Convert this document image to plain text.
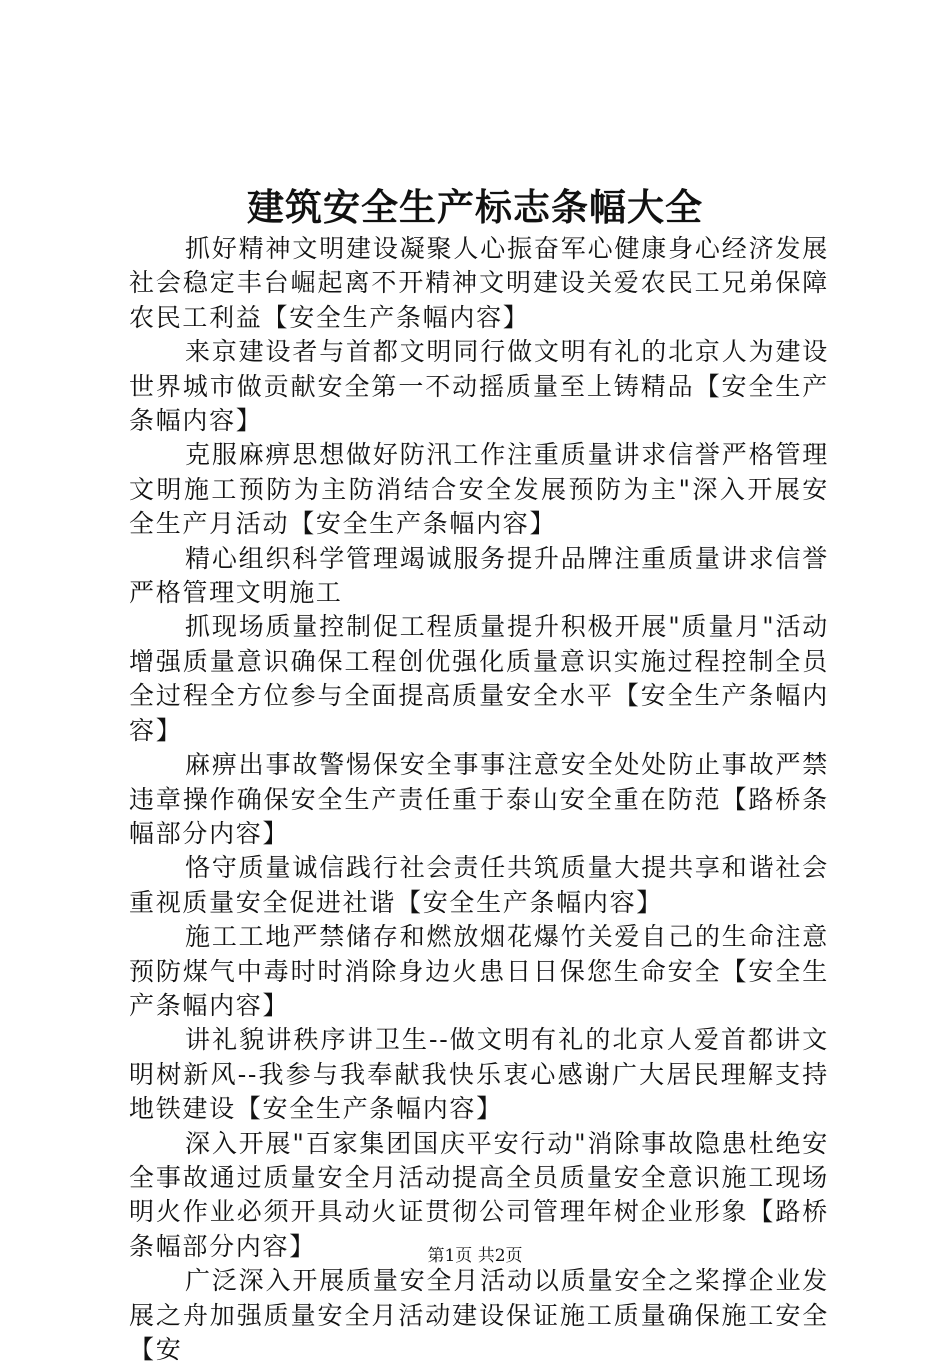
建筑安全生产标志条幅大全

抓好精神文明建设凝聚人心振奋军心健康身心经济发展社会稳定丰台崛起离不开精神文明建设关爱农民工兄弟保障农民工利益【安全生产条幅内容】

来京建设者与首都文明同行做文明有礼的北京人为建设世界城市做贡献安全第一不动摇质量至上铸精品【安全生产条幅内容】

克服麻痹思想做好防汛工作注重质量讲求信誉严格管理文明施工预防为主防消结合安全发展预防为主"深入开展安全生产月活动【安全生产条幅内容】

精心组织科学管理竭诚服务提升品牌注重质量讲求信誉严格管理文明施工

抓现场质量控制促工程质量提升积极开展"质量月"活动增强质量意识确保工程创优强化质量意识实施过程控制全员全过程全方位参与全面提高质量安全水平【安全生产条幅内容】

麻痹出事故警惕保安全事事注意安全处处防止事故严禁违章操作确保安全生产责任重于泰山安全重在防范【路桥条幅部分内容】

恪守质量诚信践行社会责任共筑质量大提共享和谐社会重视质量安全促进社谐【安全生产条幅内容】

施工工地严禁储存和燃放烟花爆竹关爱自己的生命注意预防煤气中毒时时消除身边火患日日保您生命安全【安全生产条幅内容】

讲礼貌讲秩序讲卫生--做文明有礼的北京人爱首都讲文明树新风--我参与我奉献我快乐衷心感谢广大居民理解支持地铁建设【安全生产条幅内容】

深入开展"百家集团国庆平安行动"消除事故隐患杜绝安全事故通过质量安全月活动提高全员质量安全意识施工现场明火作业必须开具动火证贯彻公司管理年树企业形象【路桥条幅部分内容】

广泛深入开展质量安全月活动以质量安全之桨撑企业发展之舟加强质量安全月活动建设保证施工质量确保施工安全【安

第1页 共2页
